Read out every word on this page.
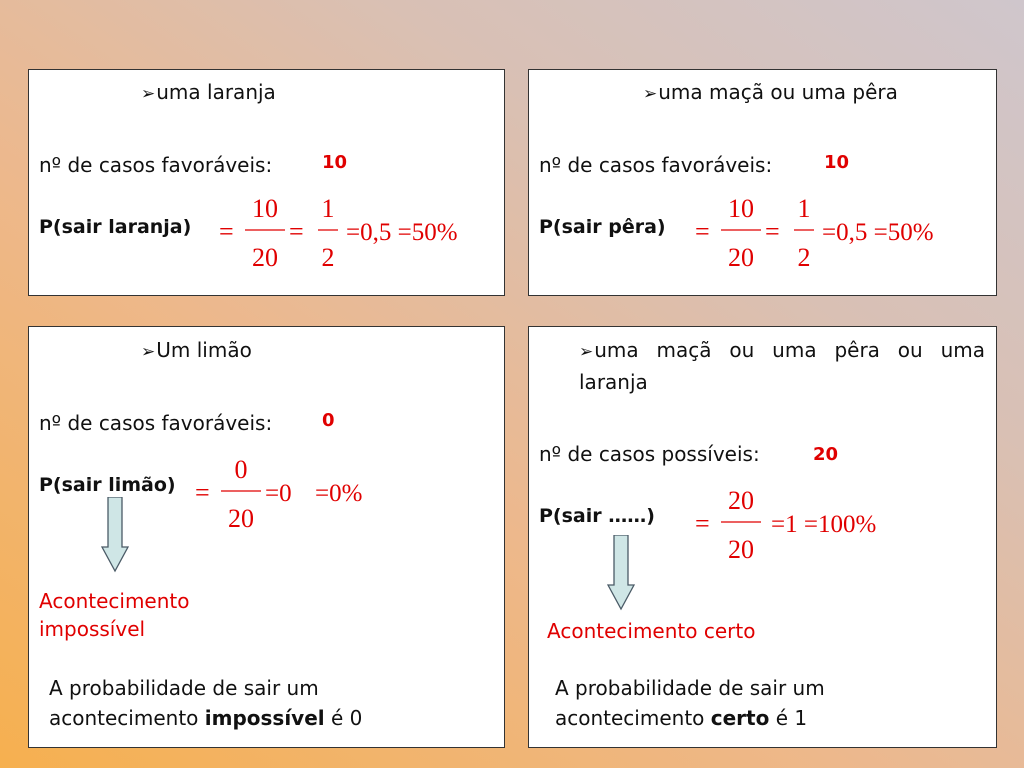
➢uma laranja
nº de casos favoráveis:	10
P(sair laranja) =
10
20
=
1
2
=0,5 =50%
➢uma maçã ou uma pêra
nº de casos favoráveis:	10
P(sair pêra) =
10
20
=
1
2
=0,5 =50%
➢Um limão
nº de casos favoráveis:	0
P(sair limão) =
0
20
=0 =0%
Acontecimento impossível
A probabilidade de sair um acontecimento impossível é 0
➢uma maçã ou uma pêra ou uma laranja
nº de casos possíveis:	20
P(sair ……) =
20
20
=1 =100%
Acontecimento certo
A probabilidade de sair um acontecimento certo é 1
